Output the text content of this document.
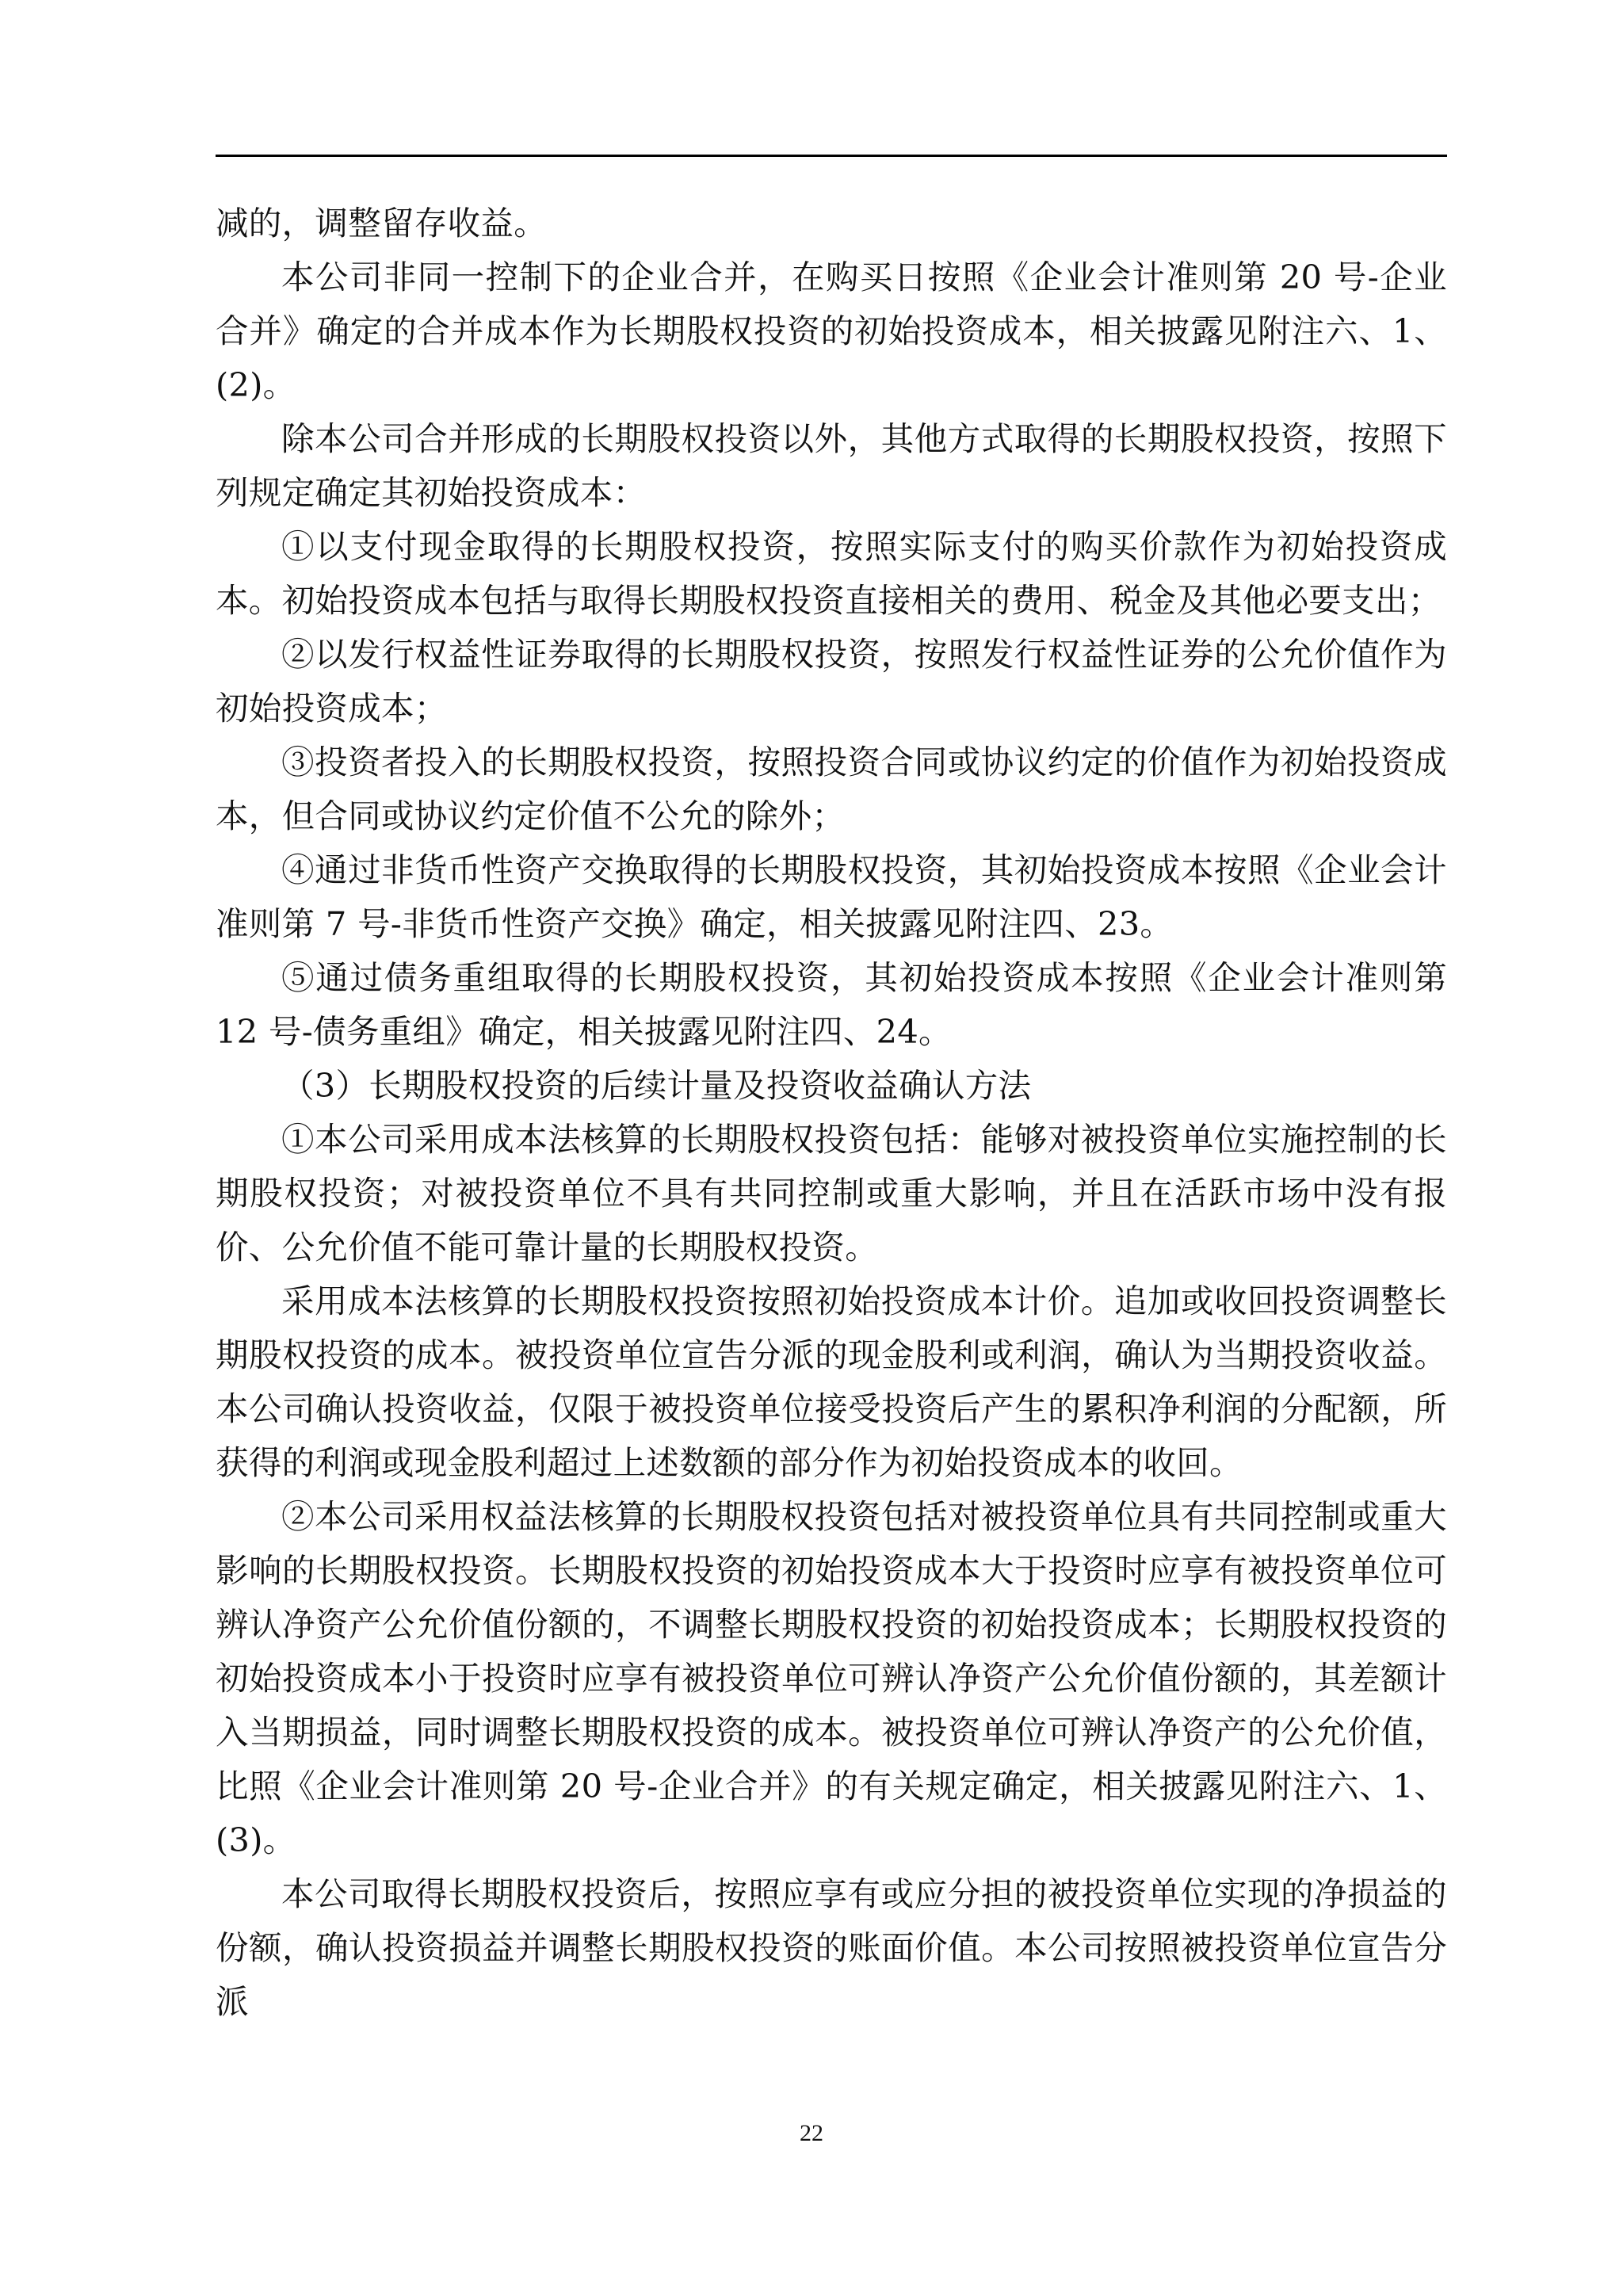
减的，调整留存收益。

本公司非同一控制下的企业合并，在购买日按照《企业会计准则第 20 号-企业合并》确定的合并成本作为长期股权投资的初始投资成本，相关披露见附注六、1、(2)。

除本公司合并形成的长期股权投资以外，其他方式取得的长期股权投资，按照下列规定确定其初始投资成本：

①以支付现金取得的长期股权投资，按照实际支付的购买价款作为初始投资成本。初始投资成本包括与取得长期股权投资直接相关的费用、税金及其他必要支出；

②以发行权益性证券取得的长期股权投资，按照发行权益性证券的公允价值作为初始投资成本；

③投资者投入的长期股权投资，按照投资合同或协议约定的价值作为初始投资成本，但合同或协议约定价值不公允的除外；

④通过非货币性资产交换取得的长期股权投资，其初始投资成本按照《企业会计准则第 7 号-非货币性资产交换》确定，相关披露见附注四、23。

⑤通过债务重组取得的长期股权投资，其初始投资成本按照《企业会计准则第 12 号-债务重组》确定，相关披露见附注四、24。

（3）长期股权投资的后续计量及投资收益确认方法

①本公司采用成本法核算的长期股权投资包括：能够对被投资单位实施控制的长期股权投资；对被投资单位不具有共同控制或重大影响，并且在活跃市场中没有报价、公允价值不能可靠计量的长期股权投资。

采用成本法核算的长期股权投资按照初始投资成本计价。追加或收回投资调整长期股权投资的成本。被投资单位宣告分派的现金股利或利润，确认为当期投资收益。本公司确认投资收益，仅限于被投资单位接受投资后产生的累积净利润的分配额，所获得的利润或现金股利超过上述数额的部分作为初始投资成本的收回。

②本公司采用权益法核算的长期股权投资包括对被投资单位具有共同控制或重大影响的长期股权投资。长期股权投资的初始投资成本大于投资时应享有被投资单位可辨认净资产公允价值份额的，不调整长期股权投资的初始投资成本；长期股权投资的初始投资成本小于投资时应享有被投资单位可辨认净资产公允价值份额的，其差额计入当期损益，同时调整长期股权投资的成本。被投资单位可辨认净资产的公允价值，比照《企业会计准则第 20 号-企业合并》的有关规定确定，相关披露见附注六、1、(3)。

本公司取得长期股权投资后，按照应享有或应分担的被投资单位实现的净损益的份额，确认投资损益并调整长期股权投资的账面价值。本公司按照被投资单位宣告分派

22
